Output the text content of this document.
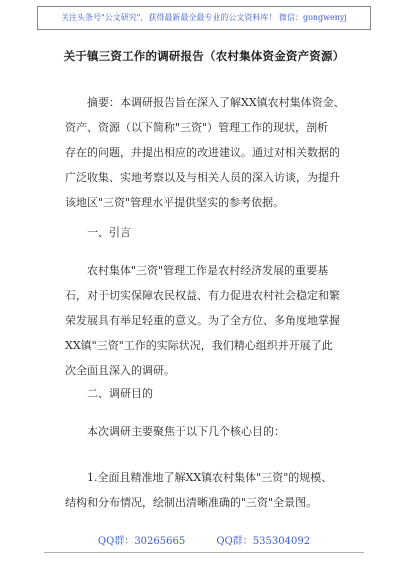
关注头条号"公文研究"，获得最新最全最专业的公文资料库！ 微信：gongwenyj
关于镇三资工作的调研报告（农村集体资金资产资源）

摘要：本调研报告旨在深入了解XX镇农村集体资金、
资产、资源（以下简称"三资"）管理工作的现状，剖析
存在的问题，并提出相应的改进建议。通过对相关数据的
广泛收集、实地考察以及与相关人员的深入访谈，为提升
该地区"三资"管理水平提供坚实的参考依据。

一、引言

农村集体"三资"管理工作是农村经济发展的重要基
石，对于切实保障农民权益、有力促进农村社会稳定和繁
荣发展具有举足轻重的意义。为了全方位、多角度地掌握
XX镇"三资"工作的实际状况，我们精心组织并开展了此
次全面且深入的调研。

二、调研目的

本次调研主要聚焦于以下几个核心目的：

1.全面且精准地了解XX镇农村集体"三资"的规模、
结构和分布情况，绘制出清晰准确的"三资"全景图。

QQ群：30265665	QQ群：535304092
